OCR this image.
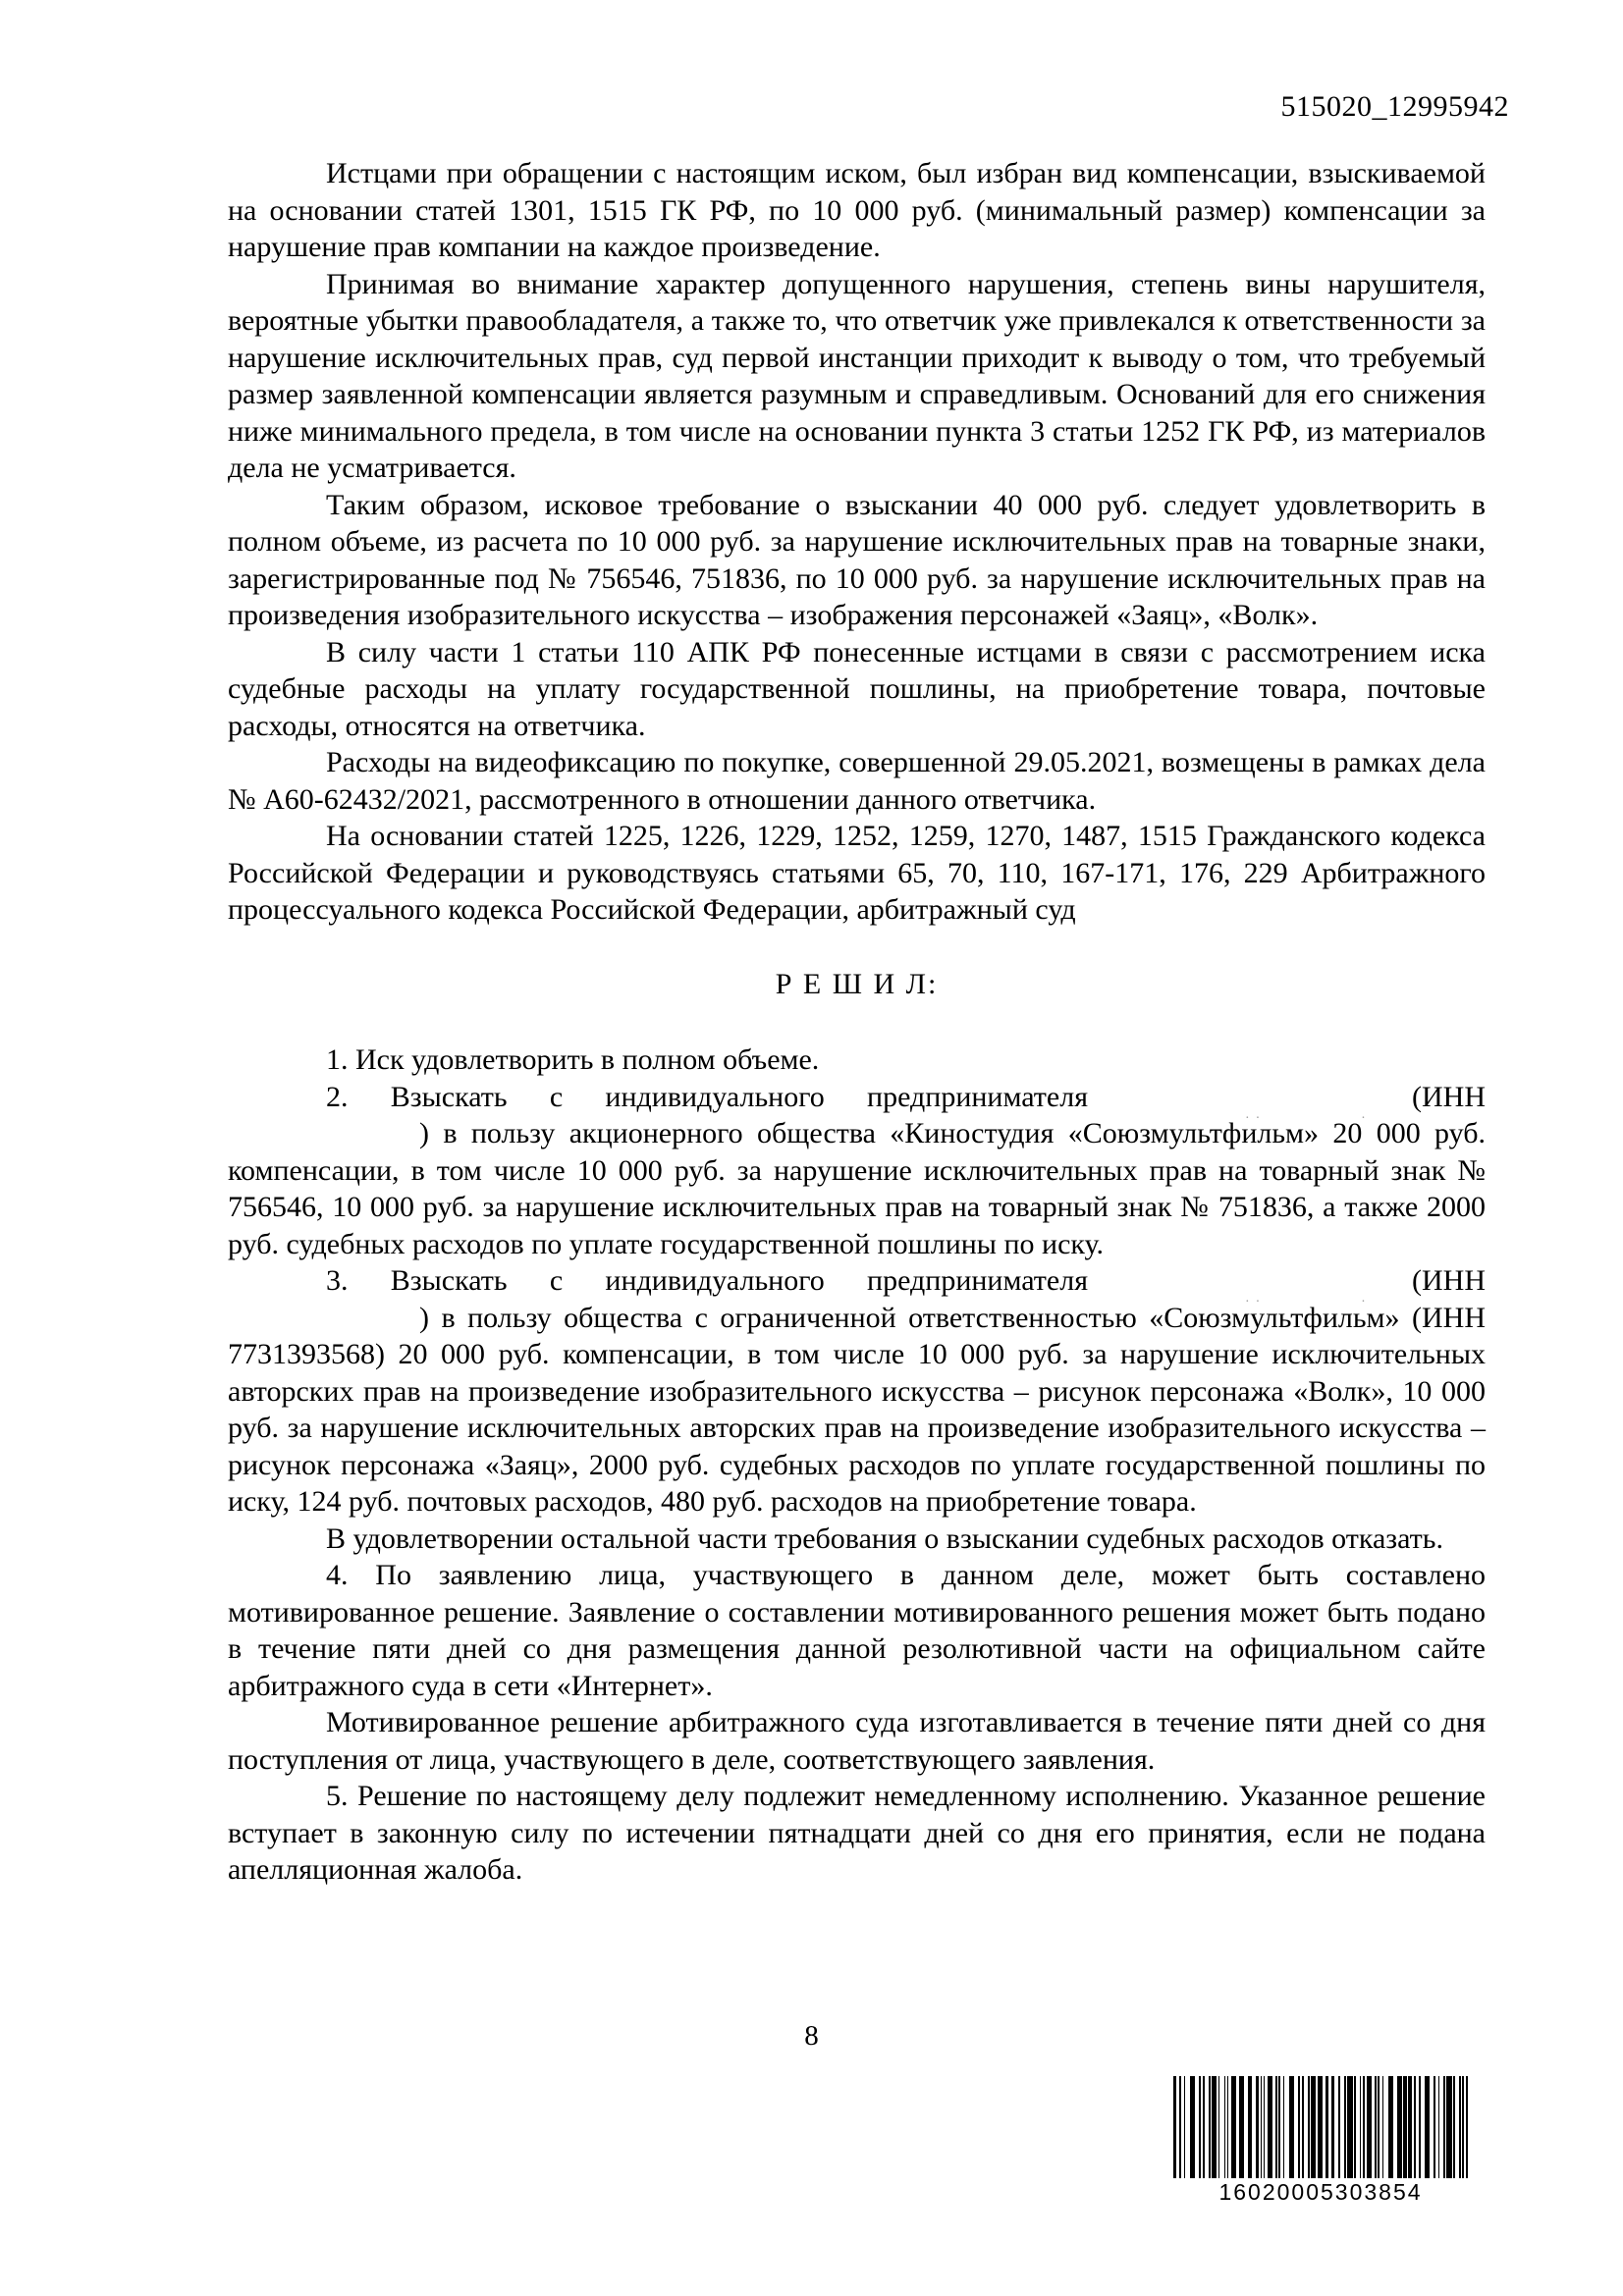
515020_12995942

Истцами при обращении с настоящим иском, был избран вид компенсации, взыскиваемой на основании статей 1301, 1515 ГК РФ, по 10 000 руб. (минимальный размер) компенсации за нарушение прав компании на каждое произведение.

Принимая во внимание характер допущенного нарушения, степень вины нарушителя, вероятные убытки правообладателя, а также то, что ответчик уже привлекался к ответственности за нарушение исключительных прав, суд первой инстанции приходит к выводу о том, что требуемый размер заявленной компенсации является разумным и справедливым. Оснований для его снижения ниже минимального предела, в том числе на основании пункта 3 статьи 1252 ГК РФ, из материалов дела не усматривается.

Таким образом, исковое требование о взыскании 40 000 руб. следует удовлетворить в полном объеме, из расчета по 10 000 руб. за нарушение исключительных прав на товарные знаки, зарегистрированные под № 756546, 751836, по 10 000 руб. за нарушение исключительных прав на произведения изобразительного искусства – изображения персонажей «Заяц», «Волк».

В силу части 1 статьи 110 АПК РФ понесенные истцами в связи с рассмотрением иска судебные расходы на уплату государственной пошлины, на приобретение товара, почтовые расходы, относятся на ответчика.

Расходы на видеофиксацию по покупке, совершенной 29.05.2021, возмещены в рамках дела № А60-62432/2021, рассмотренного в отношении данного ответчика.

На основании статей 1225, 1226, 1229, 1252, 1259, 1270, 1487, 1515 Гражданского кодекса Российской Федерации и руководствуясь статьями 65, 70, 110, 167-171, 176, 229 Арбитражного процессуального кодекса Российской Федерации, арбитражный суд

Р Е Ш И Л:

1. Иск удовлетворить в полном объеме.

2. Взыскать с индивидуального предпринимателя	(ИНН) в пользу акционерного общества «Киностудия «Союзмультфильм» 20 000 руб. компенсации, в том числе 10 000 руб. за нарушение исключительных прав на товарный знак № 756546, 10 000 руб. за нарушение исключительных прав на товарный знак № 751836, а также 2000 руб. судебных расходов по уплате государственной пошлины по иску.

3. Взыскать с индивидуального предпринимателя	(ИНН) в пользу общества с ограниченной ответственностью «Союзмультфильм» (ИНН 7731393568) 20 000 руб. компенсации, в том числе 10 000 руб. за нарушение исключительных авторских прав на произведение изобразительного искусства – рисунок персонажа «Волк», 10 000 руб. за нарушение исключительных авторских прав на произведение изобразительного искусства – рисунок персонажа «Заяц», 2000 руб. судебных расходов по уплате государственной пошлины по иску, 124 руб. почтовых расходов, 480 руб. расходов на приобретение товара.

В удовлетворении остальной части требования о взыскании судебных расходов отказать.

4. По заявлению лица, участвующего в данном деле, может быть составлено мотивированное решение. Заявление о составлении мотивированного решения может быть подано в течение пяти дней со дня размещения данной резолютивной части на официальном сайте арбитражного суда в сети «Интернет».

Мотивированное решение арбитражного суда изготавливается в течение пяти дней со дня поступления от лица, участвующего в деле, соответствующего заявления.

5. Решение по настоящему делу подлежит немедленному исполнению. Указанное решение вступает в законную силу по истечении пятнадцати дней со дня его принятия, если не подана апелляционная жалоба.

8
16020005303854
